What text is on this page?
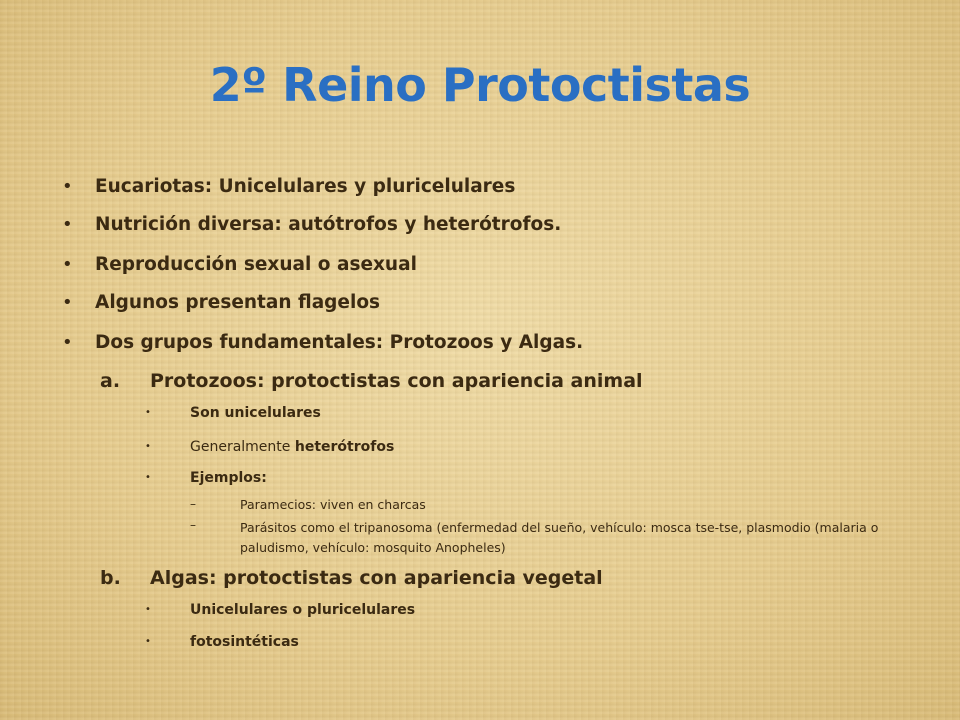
2º Reino Protoctistas
• Eucariotas: Unicelulares y pluricelulares
• Nutrición diversa: autótrofos y heterótrofos.
• Reproducción sexual o asexual
• Algunos presentan flagelos
• Dos grupos fundamentales: Protozoos y Algas.
a. Protozoos: protoctistas con apariencia animal
•	Son unicelulares
•	Generalmente heterótrofos
•	Ejemplos:
–	Paramecios: viven en charcas
–	Parásitos como el tripanosoma (enfermedad del sueño, vehículo: mosca tse-tse, plasmodio (malaria o paludismo, vehículo: mosquito Anopheles)
b. Algas: protoctistas con apariencia vegetal
•	Unicelulares o pluricelulares
•	fotosintéticas
